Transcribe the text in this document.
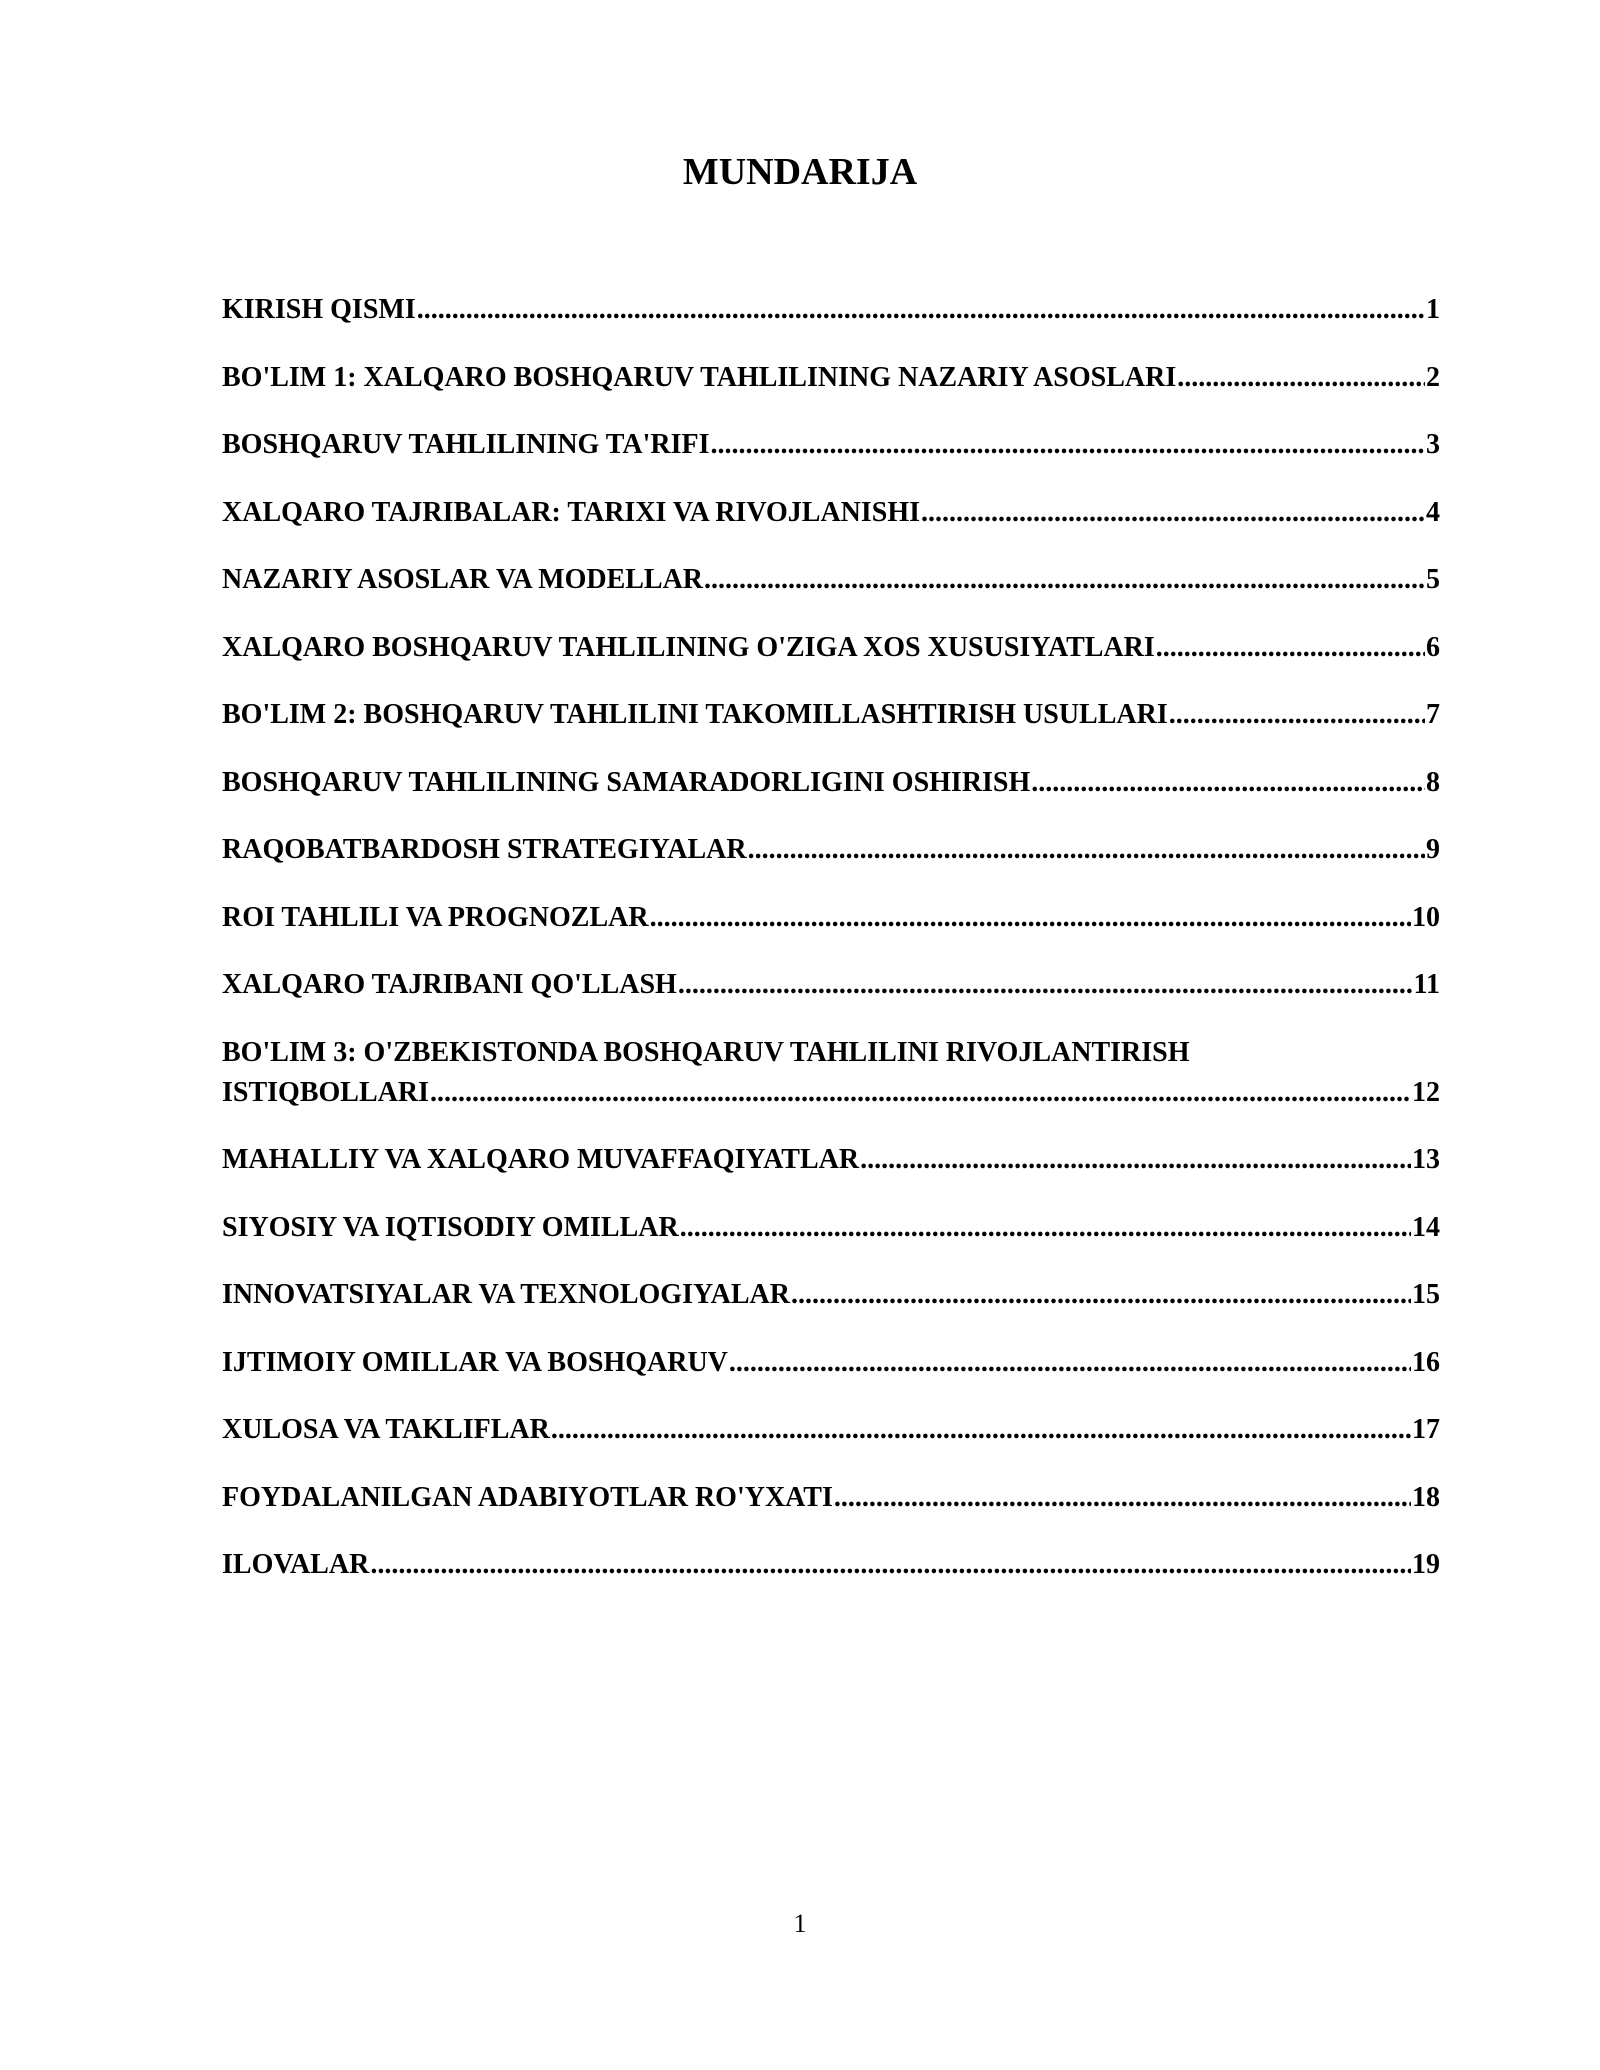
MUNDARIJA
KIRISH QISMI .....	1
BO'LIM 1: XALQARO BOSHQARUV TAHLILINING NAZARIY ASOSLARI .....	2
BOSHQARUV TAHLILINING TA'RIFI .....	3
XALQARO TAJRIBALAR: TARIXI VA RIVOJLANISHI .....	4
NAZARIY ASOSLAR VA MODELLAR .....	5
XALQARO BOSHQARUV TAHLILINING O'ZIGA XOS XUSUSIYATLARI .....	6
BO'LIM 2: BOSHQARUV TAHLILINI TAKOMILLASHTIRISH USULLARI .....	7
BOSHQARUV TAHLILINING SAMARADORLIGINI OSHIRISH .....	8
RAQOBATBARDOSH STRATEGIYALAR .....	9
ROI TAHLILI VA PROGNOZLAR .....	10
XALQARO TAJRIBANI QO'LLASH .....	11
BO'LIM 3: O'ZBEKISTONDA BOSHQARUV TAHLILINI RIVOJLANTIRISH
ISTIQBOLLARI .....	12
MAHALLIY VA XALQARO MUVAFFAQIYATLAR .....	13
SIYOSIY VA IQTISODIY OMILLAR .....	14
INNOVATSIYALAR VA TEXNOLOGIYALAR .....	15
IJTIMOIY OMILLAR VA BOSHQARUV .....	16
XULOSA VA TAKLIFLAR .....	17
FOYDALANILGAN ADABIYOTLAR RO'YXATI .....	18
ILOVALAR .....	19
1
